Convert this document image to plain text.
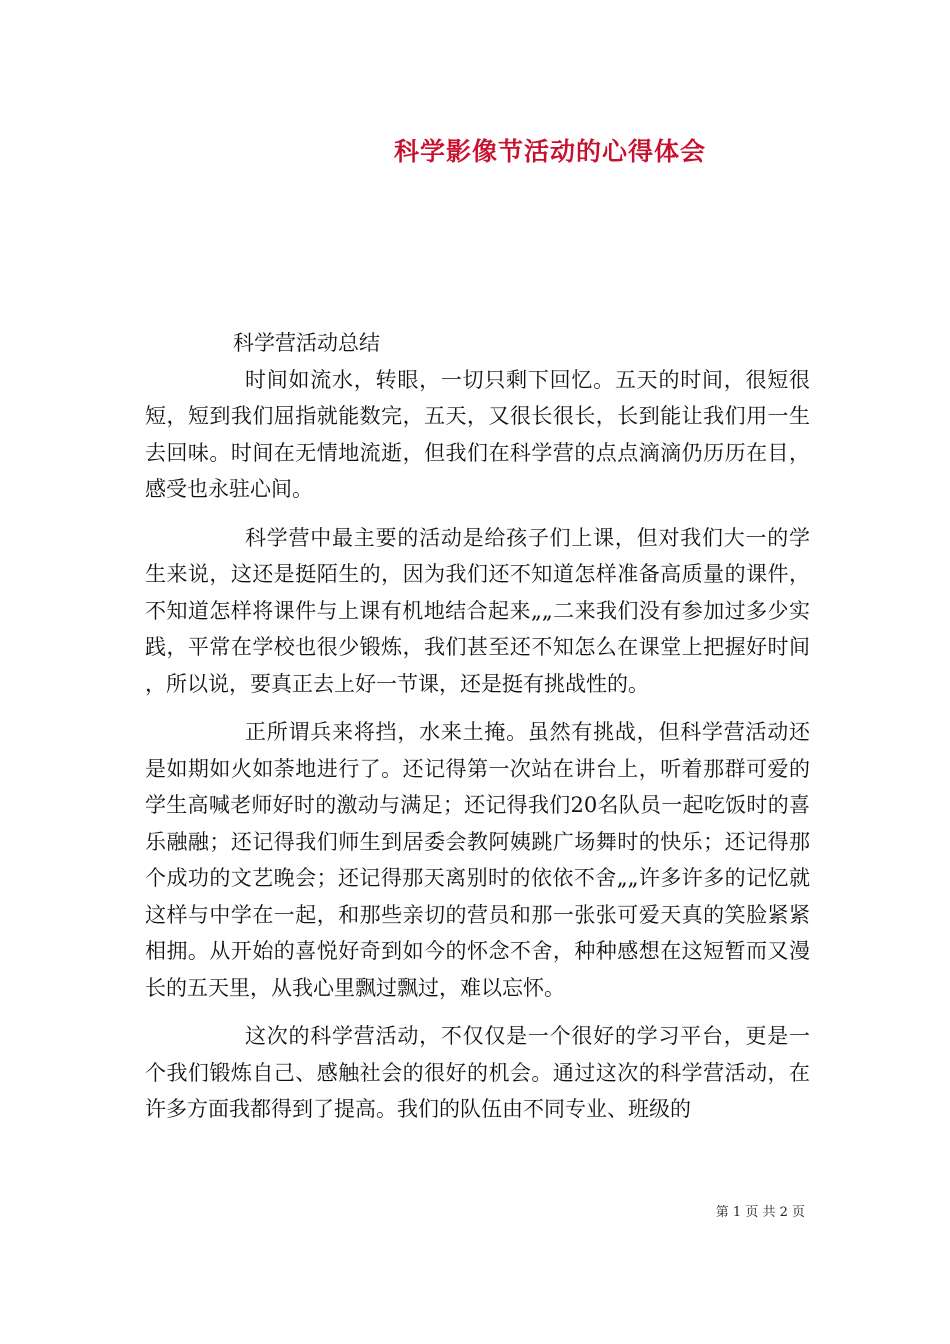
科学影像节活动的心得体会

科学营活动总结

时间如流水，转眼，一切只剩下回忆。五天的时间，很短很短，短到我们屈指就能数完，五天，又很长很长，长到能让我们用一生去回味。时间在无情地流逝，但我们在科学营的点点滴滴仍历历在目，感受也永驻心间。

科学营中最主要的活动是给孩子们上课，但对我们大一的学生来说，这还是挺陌生的，因为我们还不知道怎样准备高质量的课件，不知道怎样将课件与上课有机地结合起来„„二来我们没有参加过多少实践，平常在学校也很少锻炼，我们甚至还不知怎么在课堂上把握好时间，所以说，要真正去上好一节课，还是挺有挑战性的。

正所谓兵来将挡，水来土掩。虽然有挑战，但科学营活动还是如期如火如荼地进行了。还记得第一次站在讲台上，听着那群可爱的学生高喊老师好时的激动与满足；还记得我们20名队员一起吃饭时的喜乐融融；还记得我们师生到居委会教阿姨跳广场舞时的快乐；还记得那个成功的文艺晚会；还记得那天离别时的依依不舍„„许多许多的记忆就这样与中学在一起，和那些亲切的营员和那一张张可爱天真的笑脸紧紧相拥。从开始的喜悦好奇到如今的怀念不舍，种种感想在这短暂而又漫长的五天里，从我心里飘过飘过，难以忘怀。

这次的科学营活动，不仅仅是一个很好的学习平台，更是一个我们锻炼自己、感触社会的很好的机会。通过这次的科学营活动，在许多方面我都得到了提高。我们的队伍由不同专业、班级的

第 1 页 共 2 页
